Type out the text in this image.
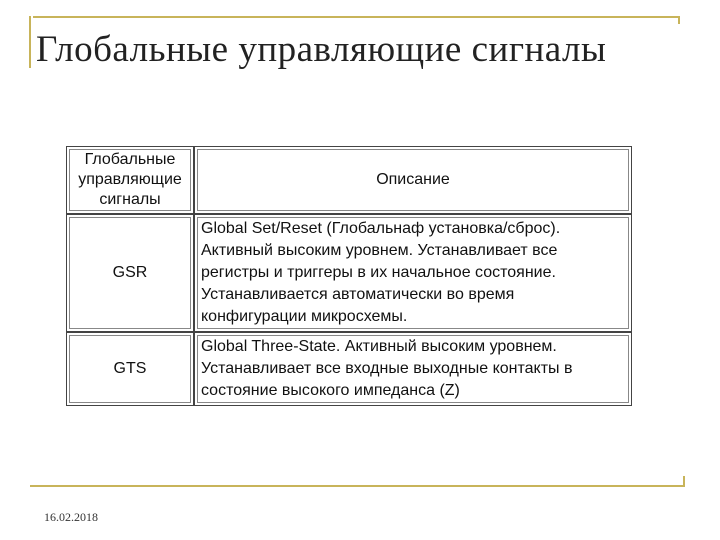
Глобальные управляющие сигналы
Глобальные
управляющие
сигналы	Описание

GSR	Global Set/Reset (Глобальнаф установка/сброс).
Активный высоким уровнем. Устанавливает все
регистры и триггеры в их начальное состояние.
Устанавливается автоматически во время
конфигурации микросхемы.

GTS	Global Three-State. Активный высоким уровнем.
Устанавливает все входные выходные контакты в
состояние высокого импеданса (Z)
16.02.2018
